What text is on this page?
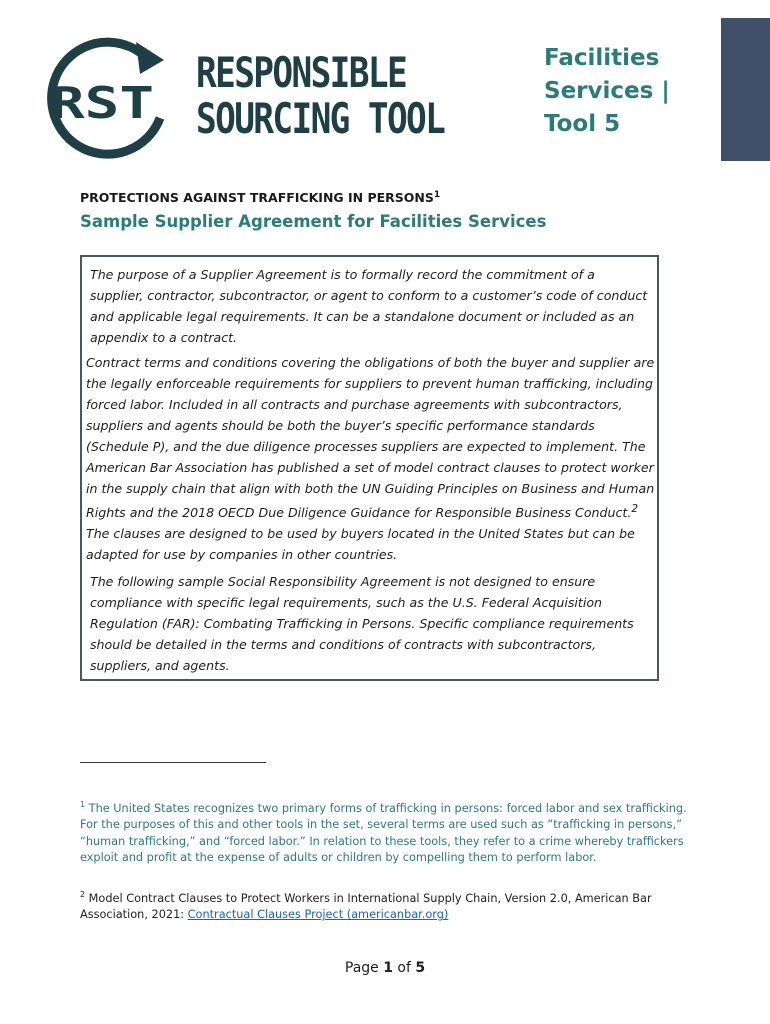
RST
RESPONSIBLE
SOURCING TOOL
Facilities
Services |
Tool 5
PROTECTIONS AGAINST TRAFFICKING IN PERSONS$^1$
Sample Supplier Agreement for Facilities Services

The purpose of a Supplier Agreement is to formally record the commitment of a supplier, contractor, subcontractor, or agent to conform to a customer’s code of conduct and applicable legal requirements. It can be a standalone document or included as an appendix to a contract.

Contract terms and conditions covering the obligations of both the buyer and supplier are the legally enforceable requirements for suppliers to prevent human trafficking, including forced labor. Included in all contracts and purchase agreements with subcontractors, suppliers and agents should be both the buyer’s specific performance standards (Schedule P), and the due diligence processes suppliers are expected to implement. The American Bar Association has published a set of model contract clauses to protect worker in the supply chain that align with both the UN Guiding Principles on Business and Human Rights and the 2018 OECD Due Diligence Guidance for Responsible Business Conduct.$^2$ The clauses are designed to be used by buyers located in the United States but can be adapted for use by companies in other countries.

The following sample Social Responsibility Agreement is not designed to ensure compliance with specific legal requirements, such as the U.S. Federal Acquisition Regulation (FAR): Combating Trafficking in Persons. Specific compliance requirements should be detailed in the terms and conditions of contracts with subcontractors, suppliers, and agents.

$^1$ The United States recognizes two primary forms of trafficking in persons: forced labor and sex trafficking. For the purposes of this and other tools in the set, several terms are used such as “trafficking in persons,” “human trafficking,” and “forced labor.” In relation to these tools, they refer to a crime whereby traffickers exploit and profit at the expense of adults or children by compelling them to perform labor.
$^2$ Model Contract Clauses to Protect Workers in International Supply Chain, Version 2.0, American Bar Association, 2021: Contractual Clauses Project (americanbar.org)
Page 1 of 5
